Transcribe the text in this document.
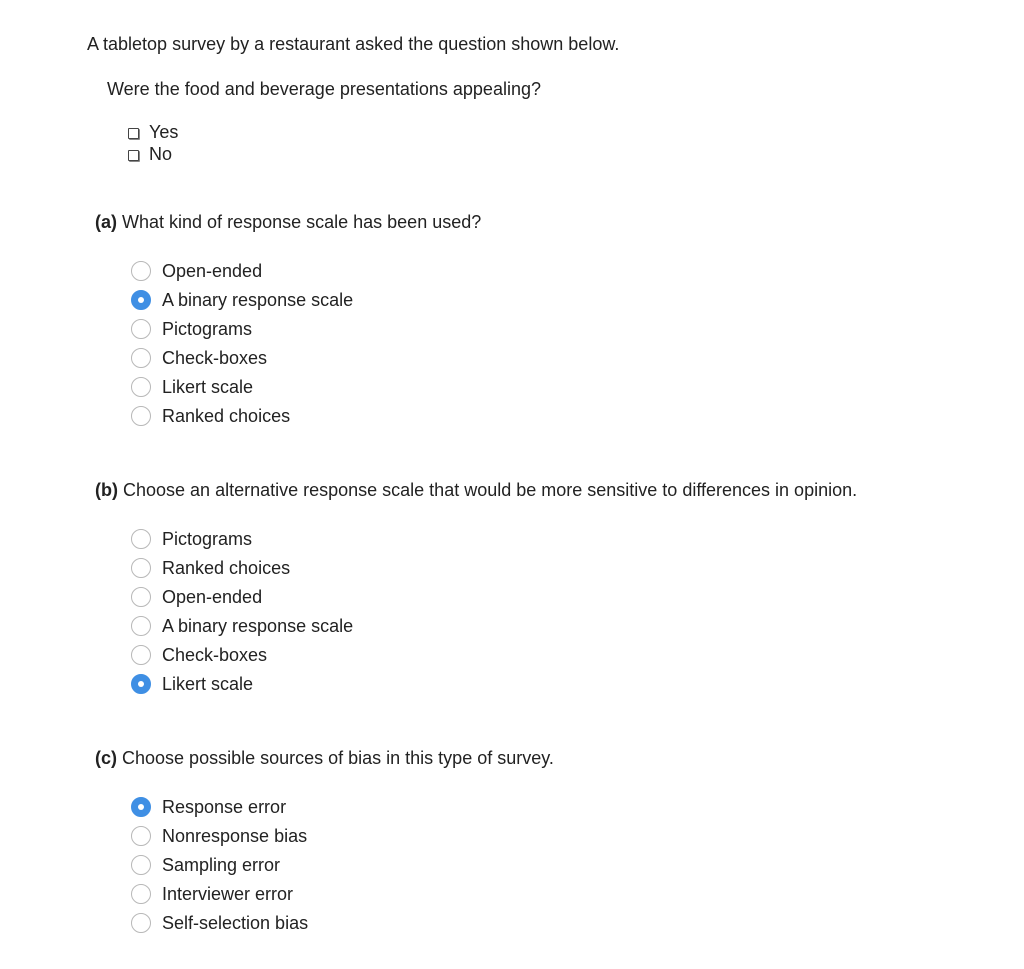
A tabletop survey by a restaurant asked the question shown below.
Were the food and beverage presentations appealing?
Yes
No
(a) What kind of response scale has been used?
Open-ended
A binary response scale
Pictograms
Check-boxes
Likert scale
Ranked choices
(b) Choose an alternative response scale that would be more sensitive to differences in opinion.
Pictograms
Ranked choices
Open-ended
A binary response scale
Check-boxes
Likert scale
(c) Choose possible sources of bias in this type of survey.
Response error
Nonresponse bias
Sampling error
Interviewer error
Self-selection bias
